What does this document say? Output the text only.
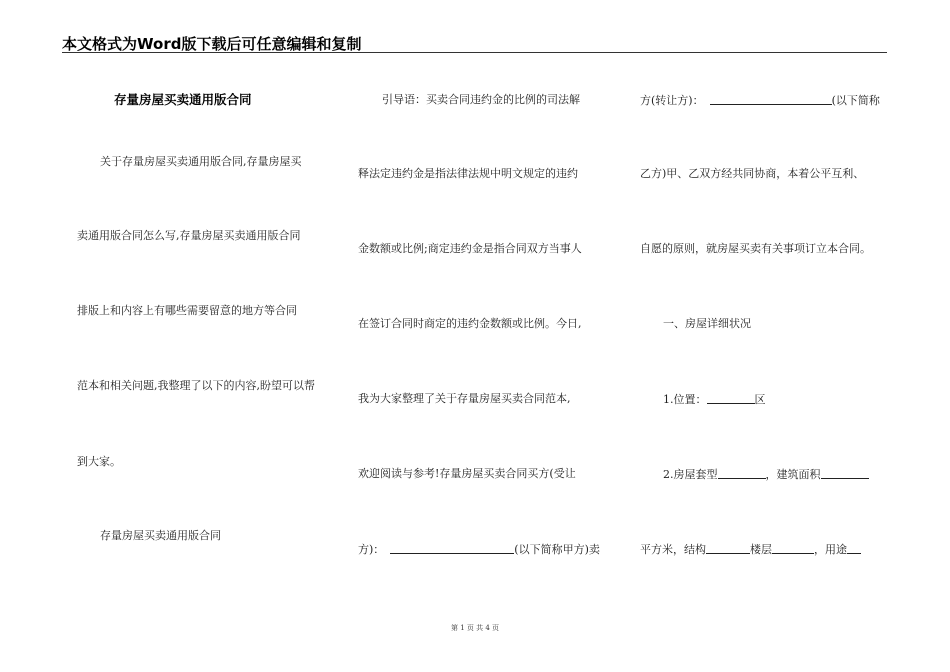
本文格式为Word版下载后可任意编辑和复制
存量房屋买卖通用版合同
关于存量房屋买卖通用版合同,存量房屋买
卖通用版合同怎么写,存量房屋买卖通用版合同
排版上和内容上有哪些需要留意的地方等合同
范本和相关问题,我整理了以下的内容,盼望可以帮
到大家。
存量房屋买卖通用版合同
引导语：买卖合同违约金的比例的司法解
释法定违约金是指法律法规中明文规定的违约
金数额或比例;商定违约金是指合同双方当事人
在签订合同时商定的违约金数额或比例。今日,
我为大家整理了关于存量房屋买卖合同范本,
欢迎阅读与参考!存量房屋买卖合同买方(受让
方)：	(以下简称甲方)卖
方(转让方)：	(以下简称
乙方)甲、乙双方经共同协商，本着公平互利、
自愿的原则，就房屋买卖有关事项订立本合同。
一、房屋详细状况
1.位置：	区
2.房屋套型	，建筑面积
平方米，结构	楼层	，用途
第 1 页 共 4 页
